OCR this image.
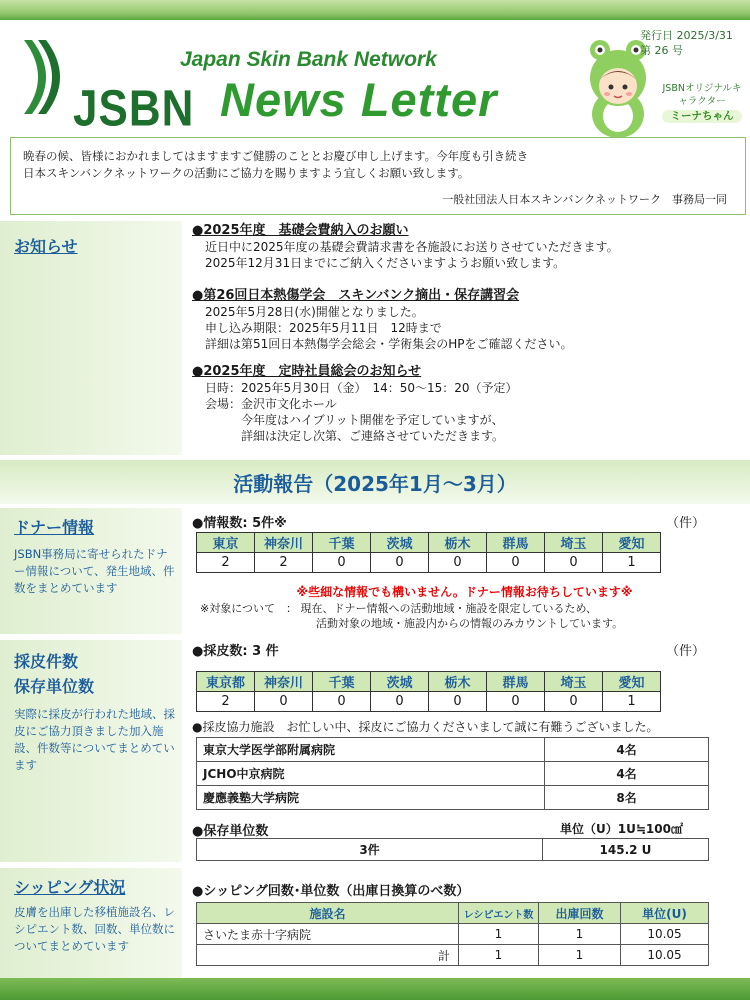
JSBN
Japan Skin Bank Network
News Letter
発行日 2025/3/31
第 26 号
JSBNオリジナルキャラクター
ミーナちゃん
晩春の候、皆様におかれましてはますますご健勝のこととお慶び申し上げます。今年度も引き続き
日本スキンバンクネットワークの活動にご協力を賜りますよう宜しくお願い致します。
一般社団法人日本スキンバンクネットワーク　事務局一同
お知らせ
●2025年度　基礎会費納入のお願い
近日中に2025年度の基礎会費請求書を各施設にお送りさせていただきます。
2025年12月31日までにご納入くださいますようお願い致します。
●第26回日本熱傷学会　スキンバンク摘出・保存講習会
2025年5月28日(水)開催となりました。
申し込み期限：2025年5月11日　12時まで
詳細は第51回日本熱傷学会総会・学術集会のHPをご確認ください。
●2025年度　定時社員総会のお知らせ
日時：2025年5月30日（金）　14：50〜15：20（予定）
会場：金沢市文化ホール
　　　今年度はハイブリット開催を予定していますが、
　　　詳細は決定し次第、ご連絡させていただきます。
活動報告（2025年1月〜3月）
ドナー情報
JSBN事務局に寄せられたドナー情報について、発生地域、件数をまとめています
●情報数: 5件※	（件）
東京	神奈川	千葉	茨城	栃木	群馬	埼玉	愛知
2	2	0	0	0	0	0	1
※些細な情報でも構いません。ドナー情報お待ちしています※
※対象について ： 現在、ドナー情報への活動地域・施設を限定しているため、
活動対象の地域・施設内からの情報のみカウントしています。
採皮件数
保存単位数
実際に採皮が行われた地域、採皮にご協力頂きました加入施設、件数等についてまとめています
●採皮数: 3 件	（件）
東京都	神奈川	千葉	茨城	栃木	群馬	埼玉	愛知
2	0	0	0	0	0	0	1
●採皮協力施設　お忙しい中、採皮にご協力くださいまして誠に有難うございました。
東京大学医学部附属病院	4名
JCHO中京病院	4名
慶應義塾大学病院	8名
●保存単位数	単位（U）1U≒100㎠
3件	145.2 U
シッピング状況
皮膚を出庫した移植施設名、レシピエント数、回数、単位数についてまとめています
●シッピング回数･単位数（出庫日換算のべ数）
施設名	レシピエント数	出庫回数	単位(U)
さいたま赤十字病院	1	1	10.05
計	1	1	10.05
